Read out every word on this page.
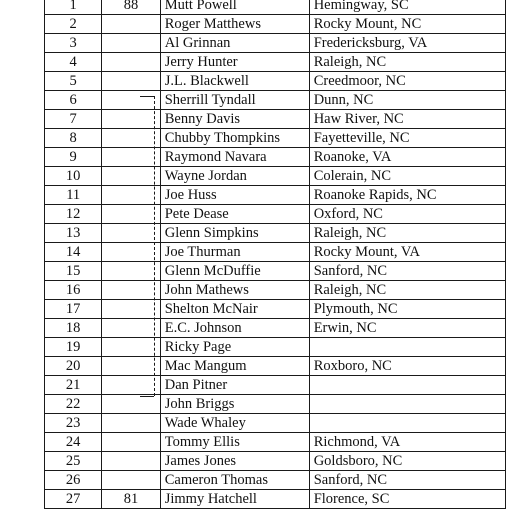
1	88	Mutt Powell	Hemingway, SC
2		Roger Matthews	Rocky Mount, NC
3		Al Grinnan	Fredericksburg, VA
4		Jerry Hunter	Raleigh, NC
5		J.L. Blackwell	Creedmoor, NC
6		Sherrill Tyndall	Dunn, NC
7		Benny Davis	Haw River, NC
8		Chubby Thompkins	Fayetteville, NC
9		Raymond Navara	Roanoke, VA
10		Wayne Jordan	Colerain, NC
11		Joe Huss	Roanoke Rapids, NC
12		Pete Dease	Oxford, NC
13		Glenn Simpkins	Raleigh, NC
14		Joe Thurman	Rocky Mount, VA
15		Glenn McDuffie	Sanford, NC
16		John Mathews	Raleigh, NC
17		Shelton McNair	Plymouth, NC
18		E.C. Johnson	Erwin, NC
19		Ricky Page	
20		Mac Mangum	Roxboro, NC
21		Dan Pitner	
22		John Briggs	
23		Wade Whaley	
24		Tommy Ellis	Richmond, VA
25		James Jones	Goldsboro, NC
26		Cameron Thomas	Sanford, NC
27	81	Jimmy Hatchell	Florence, SC
